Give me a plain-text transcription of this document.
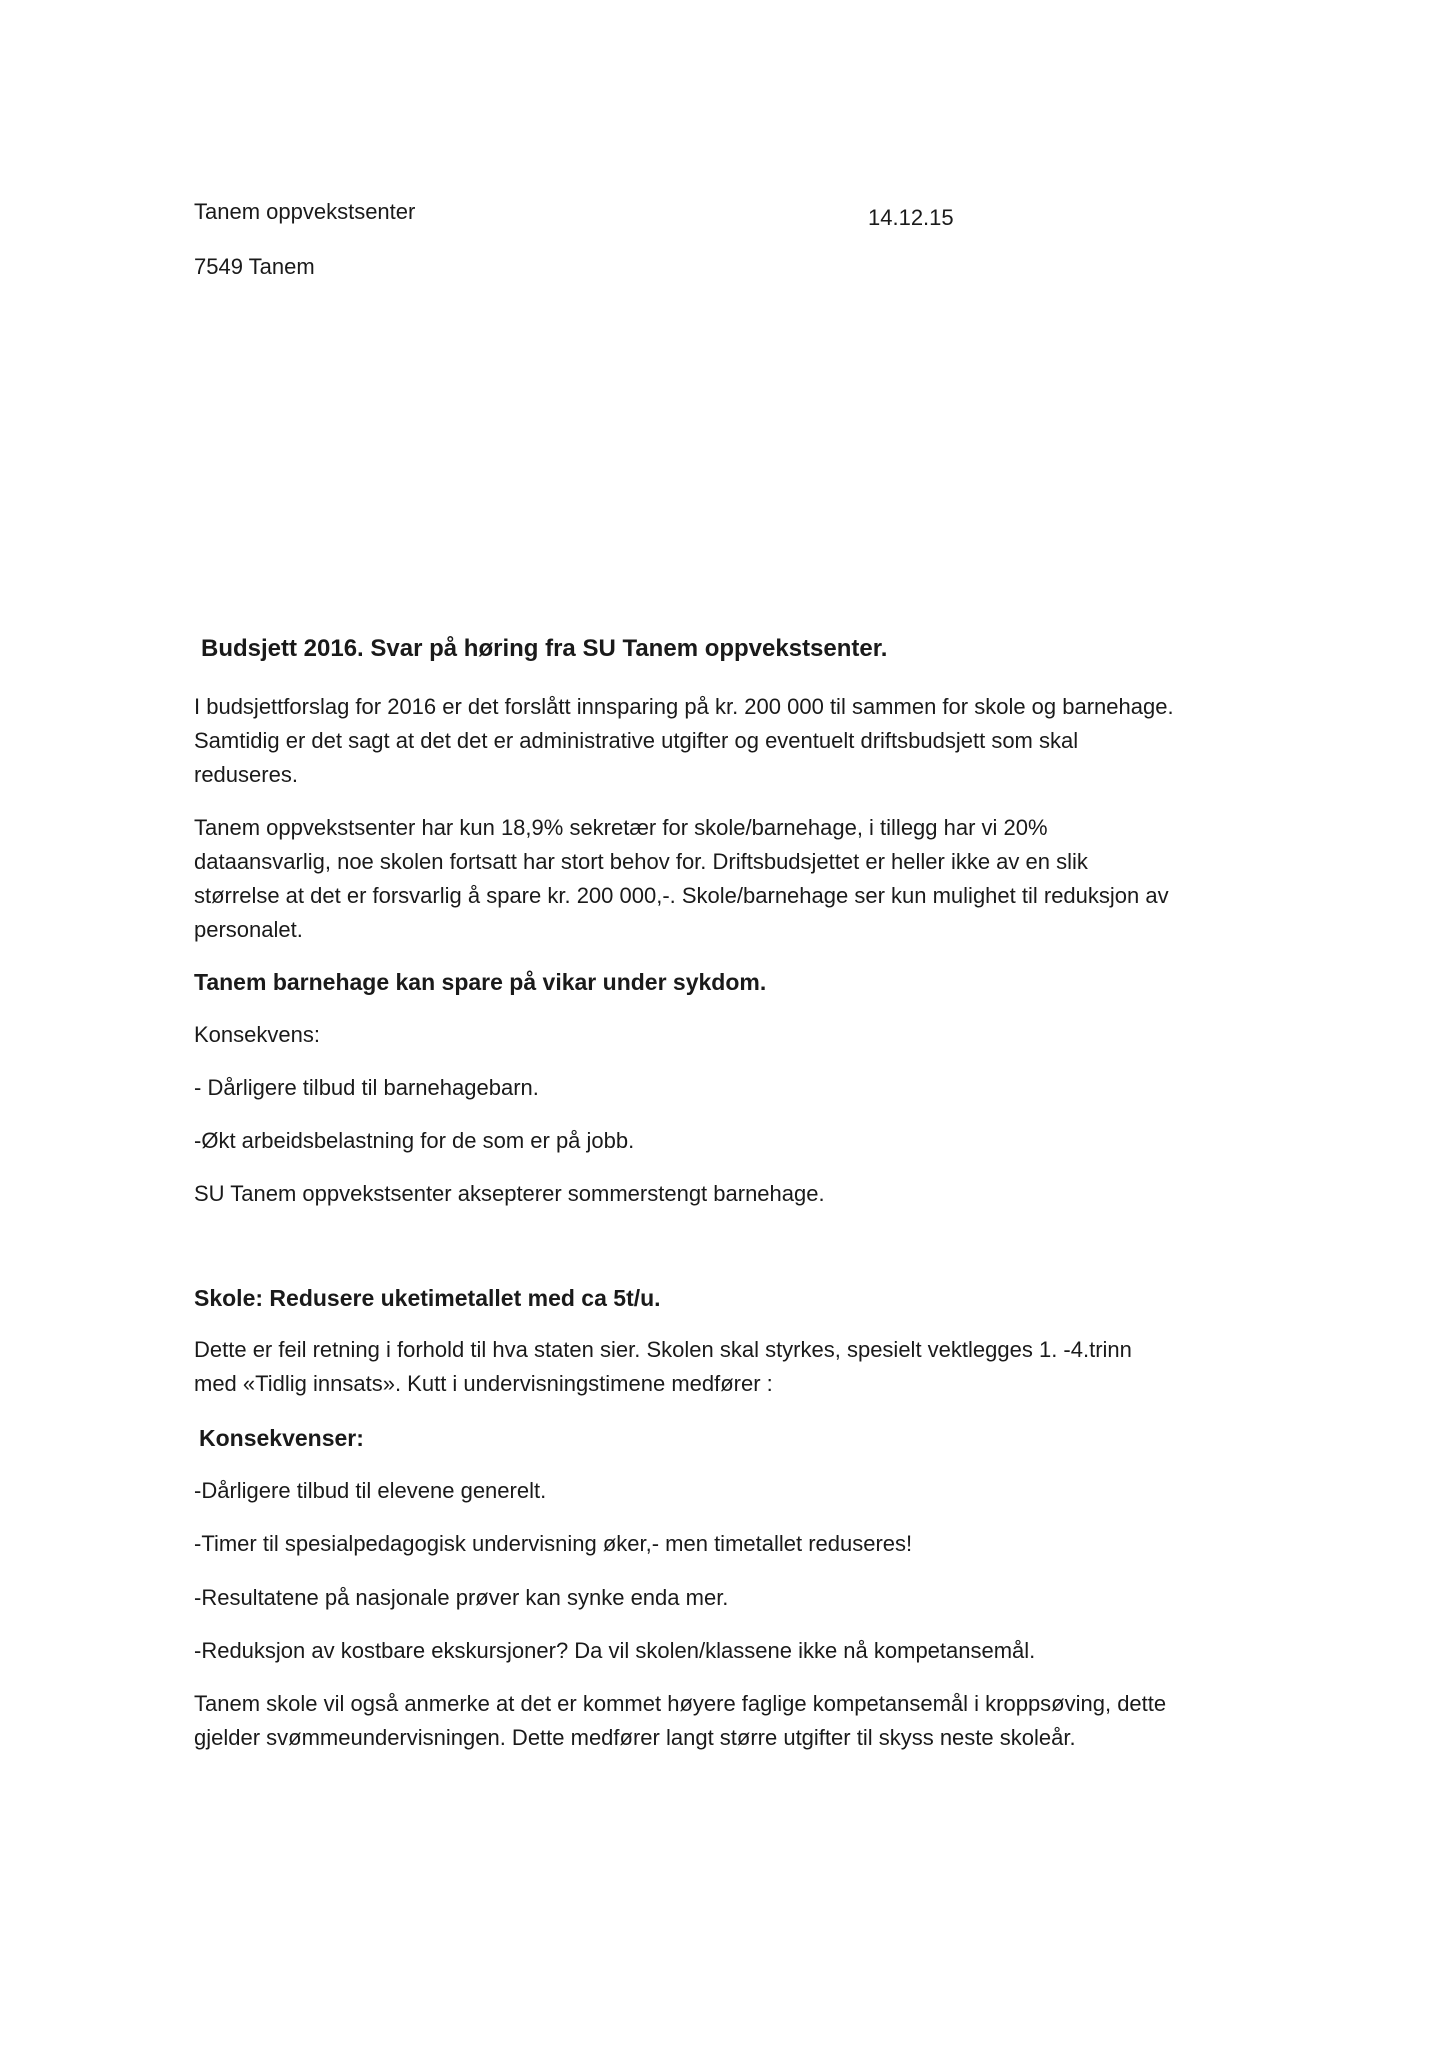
Tanem oppvekstsenter	14.12.15
7549 Tanem
Budsjett 2016. Svar på høring fra SU Tanem oppvekstsenter.
I budsjettforslag for 2016 er det forslått innsparing på kr. 200 000 til sammen for skole og barnehage.
Samtidig er det sagt at det det er administrative utgifter og eventuelt driftsbudsjett som skal
reduseres.
Tanem oppvekstsenter har kun 18,9% sekretær for skole/barnehage, i tillegg har vi 20%
dataansvarlig, noe skolen fortsatt har stort behov for. Driftsbudsjettet er heller ikke av en slik
størrelse at det er forsvarlig å spare kr. 200 000,-. Skole/barnehage ser kun mulighet til reduksjon av
personalet.
Tanem barnehage kan spare på vikar under sykdom.
Konsekvens:
- Dårligere tilbud til barnehagebarn.
-Økt arbeidsbelastning for de som er på jobb.
SU Tanem oppvekstsenter aksepterer sommerstengt barnehage.
Skole: Redusere uketimetallet med ca 5t/u.
Dette er feil retning i forhold til hva staten sier. Skolen skal styrkes, spesielt vektlegges 1. -4.trinn
med «Tidlig innsats». Kutt i undervisningstimene medfører :
Konsekvenser:
-Dårligere tilbud til elevene generelt.
-Timer til spesialpedagogisk undervisning øker,- men timetallet reduseres!
-Resultatene på nasjonale prøver kan synke enda mer.
-Reduksjon av kostbare ekskursjoner? Da vil skolen/klassene ikke nå kompetansemål.
Tanem skole vil også anmerke at det er kommet høyere faglige kompetansemål i kroppsøving, dette
gjelder svømmeundervisningen. Dette medfører langt større utgifter til skyss neste skoleår.
